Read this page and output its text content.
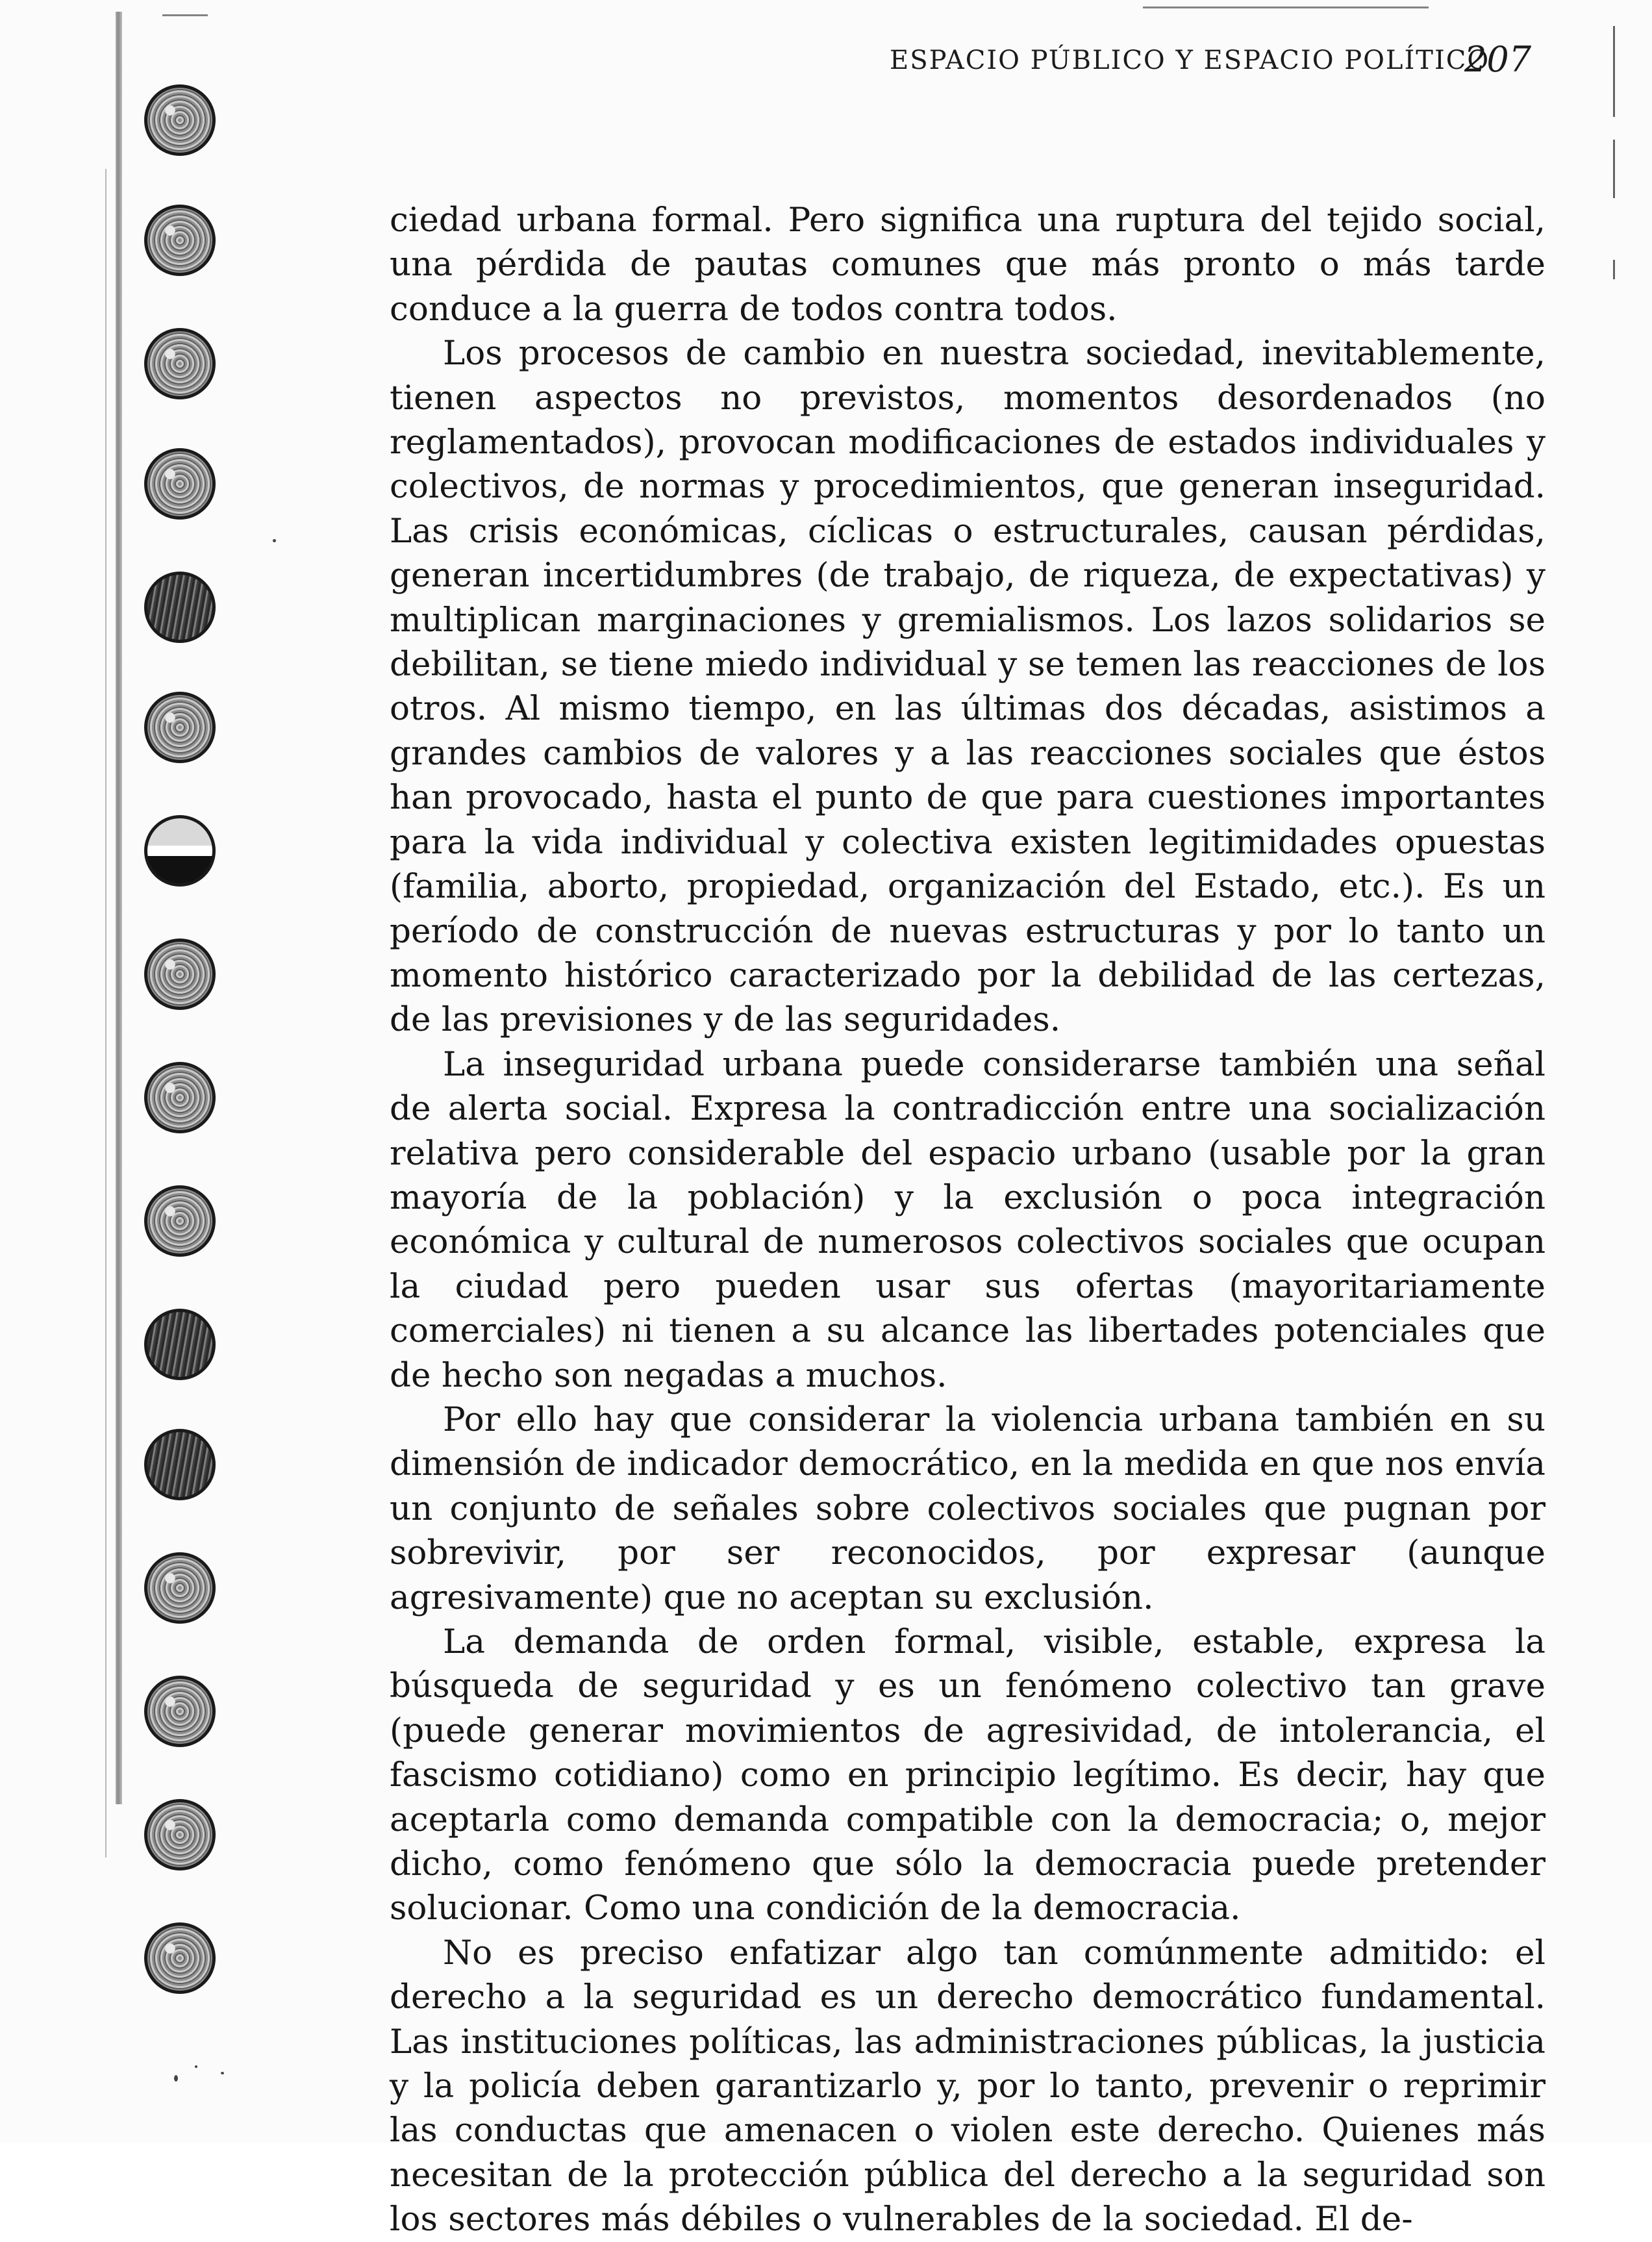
ESPACIO PÚBLICO Y ESPACIO POLÍTICO
207

ciedad urbana formal. Pero significa una ruptura del tejido social, una pérdida de pautas comunes que más pronto o más tarde conduce a la guerra de todos contra todos.

Los procesos de cambio en nuestra sociedad, inevitablemente, tienen aspectos no previstos, momentos desordenados (no reglamentados), provocan modificaciones de estados individuales y colectivos, de normas y procedimientos, que generan inseguridad. Las crisis económicas, cíclicas o estructurales, causan pérdidas, generan incertidumbres (de trabajo, de riqueza, de expectativas) y multiplican marginaciones y gremialismos. Los lazos solidarios se debilitan, se tiene miedo individual y se temen las reacciones de los otros. Al mismo tiempo, en las últimas dos décadas, asistimos a grandes cambios de valores y a las reacciones sociales que éstos han provocado, hasta el punto de que para cuestiones importantes para la vida individual y colectiva existen legitimidades opuestas (familia, aborto, propiedad, organización del Estado, etc.). Es un período de construcción de nuevas estructuras y por lo tanto un momento histórico caracterizado por la debilidad de las certezas, de las previsiones y de las seguridades.

La inseguridad urbana puede considerarse también una señal de alerta social. Expresa la contradicción entre una socialización relativa pero considerable del espacio urbano (usable por la gran mayoría de la población) y la exclusión o poca integración económica y cultural de numerosos colectivos sociales que ocupan la ciudad pero pueden usar sus ofertas (mayoritariamente comerciales) ni tienen a su alcance las libertades potenciales que de hecho son negadas a muchos.

Por ello hay que considerar la violencia urbana también en su dimensión de indicador democrático, en la medida en que nos envía un conjunto de señales sobre colectivos sociales que pugnan por sobrevivir, por ser reconocidos, por expresar (aunque agresivamente) que no aceptan su exclusión.

La demanda de orden formal, visible, estable, expresa la búsqueda de seguridad y es un fenómeno colectivo tan grave (puede generar movimientos de agresividad, de intolerancia, el fascismo cotidiano) como en principio legítimo. Es decir, hay que aceptarla como demanda compatible con la democracia; o, mejor dicho, como fenómeno que sólo la democracia puede pretender solucionar. Como una condición de la democracia.

No es preciso enfatizar algo tan comúnmente admitido: el derecho a la seguridad es un derecho democrático fundamental. Las instituciones políticas, las administraciones públicas, la justicia y la policía deben garantizarlo y, por lo tanto, prevenir o reprimir las conductas que amenacen o violen este derecho. Quienes más necesitan de la protección pública del derecho a la seguridad son los sectores más débiles o vulnerables de la sociedad. El de-
